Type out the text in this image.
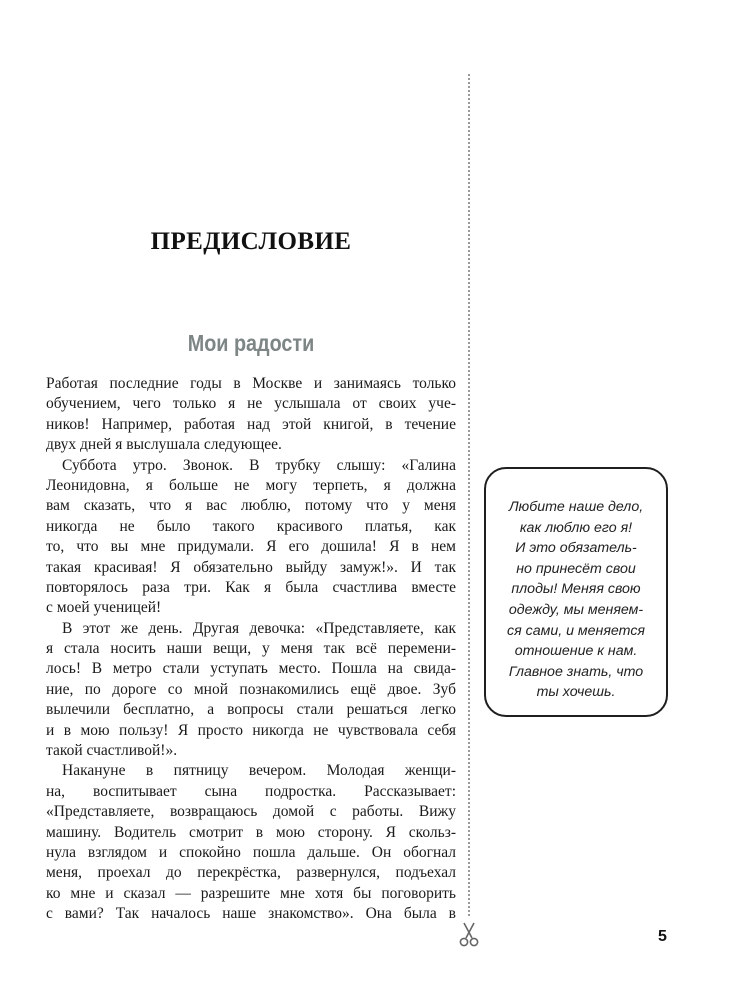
ПРЕДИСЛОВИЕ
Мои радости
Работая последние годы в Москве и занимаясь только
обучением, чего только я не услышала от своих уче-
ников! Например, работая над этой книгой, в течение
двух дней я выслушала следующее.
Суббота утро. Звонок. В трубку слышу: «Галина
Леонидовна, я больше не могу терпеть, я должна
вам сказать, что я вас люблю, потому что у меня
никогда не было такого красивого платья, как
то, что вы мне придумали. Я его дошила! Я в нем
такая красивая! Я обязательно выйду замуж!». И так
повторялось раза три. Как я была счастлива вместе
с моей ученицей!
В этот же день. Другая девочка: «Представляете, как
я стала носить наши вещи, у меня так всё перемени-
лось! В метро стали уступать место. Пошла на свида-
ние, по дороге со мной познакомились ещё двое. Зуб
вылечили бесплатно, а вопросы стали решаться легко
и в мою пользу! Я просто никогда не чувствовала себя
такой счастливой!».
Накануне в пятницу вечером. Молодая женщи-
на, воспитывает сына подростка. Рассказывает:
«Представляете, возвращаюсь домой с работы. Вижу
машину. Водитель смотрит в мою сторону. Я скольз-
нула взглядом и спокойно пошла дальше. Он обогнал
меня, проехал до перекрёстка, развернулся, подъехал
ко мне и сказал — разрешите мне хотя бы поговорить
с вами? Так началось наше знакомство». Она была в
Любите наше дело,
как люблю его я!
И это обязатель-
но принесёт свои
плоды! Меняя свою
одежду, мы меняем-
ся сами, и меняется
отношение к нам.
Главное знать, что
ты хочешь.
5
